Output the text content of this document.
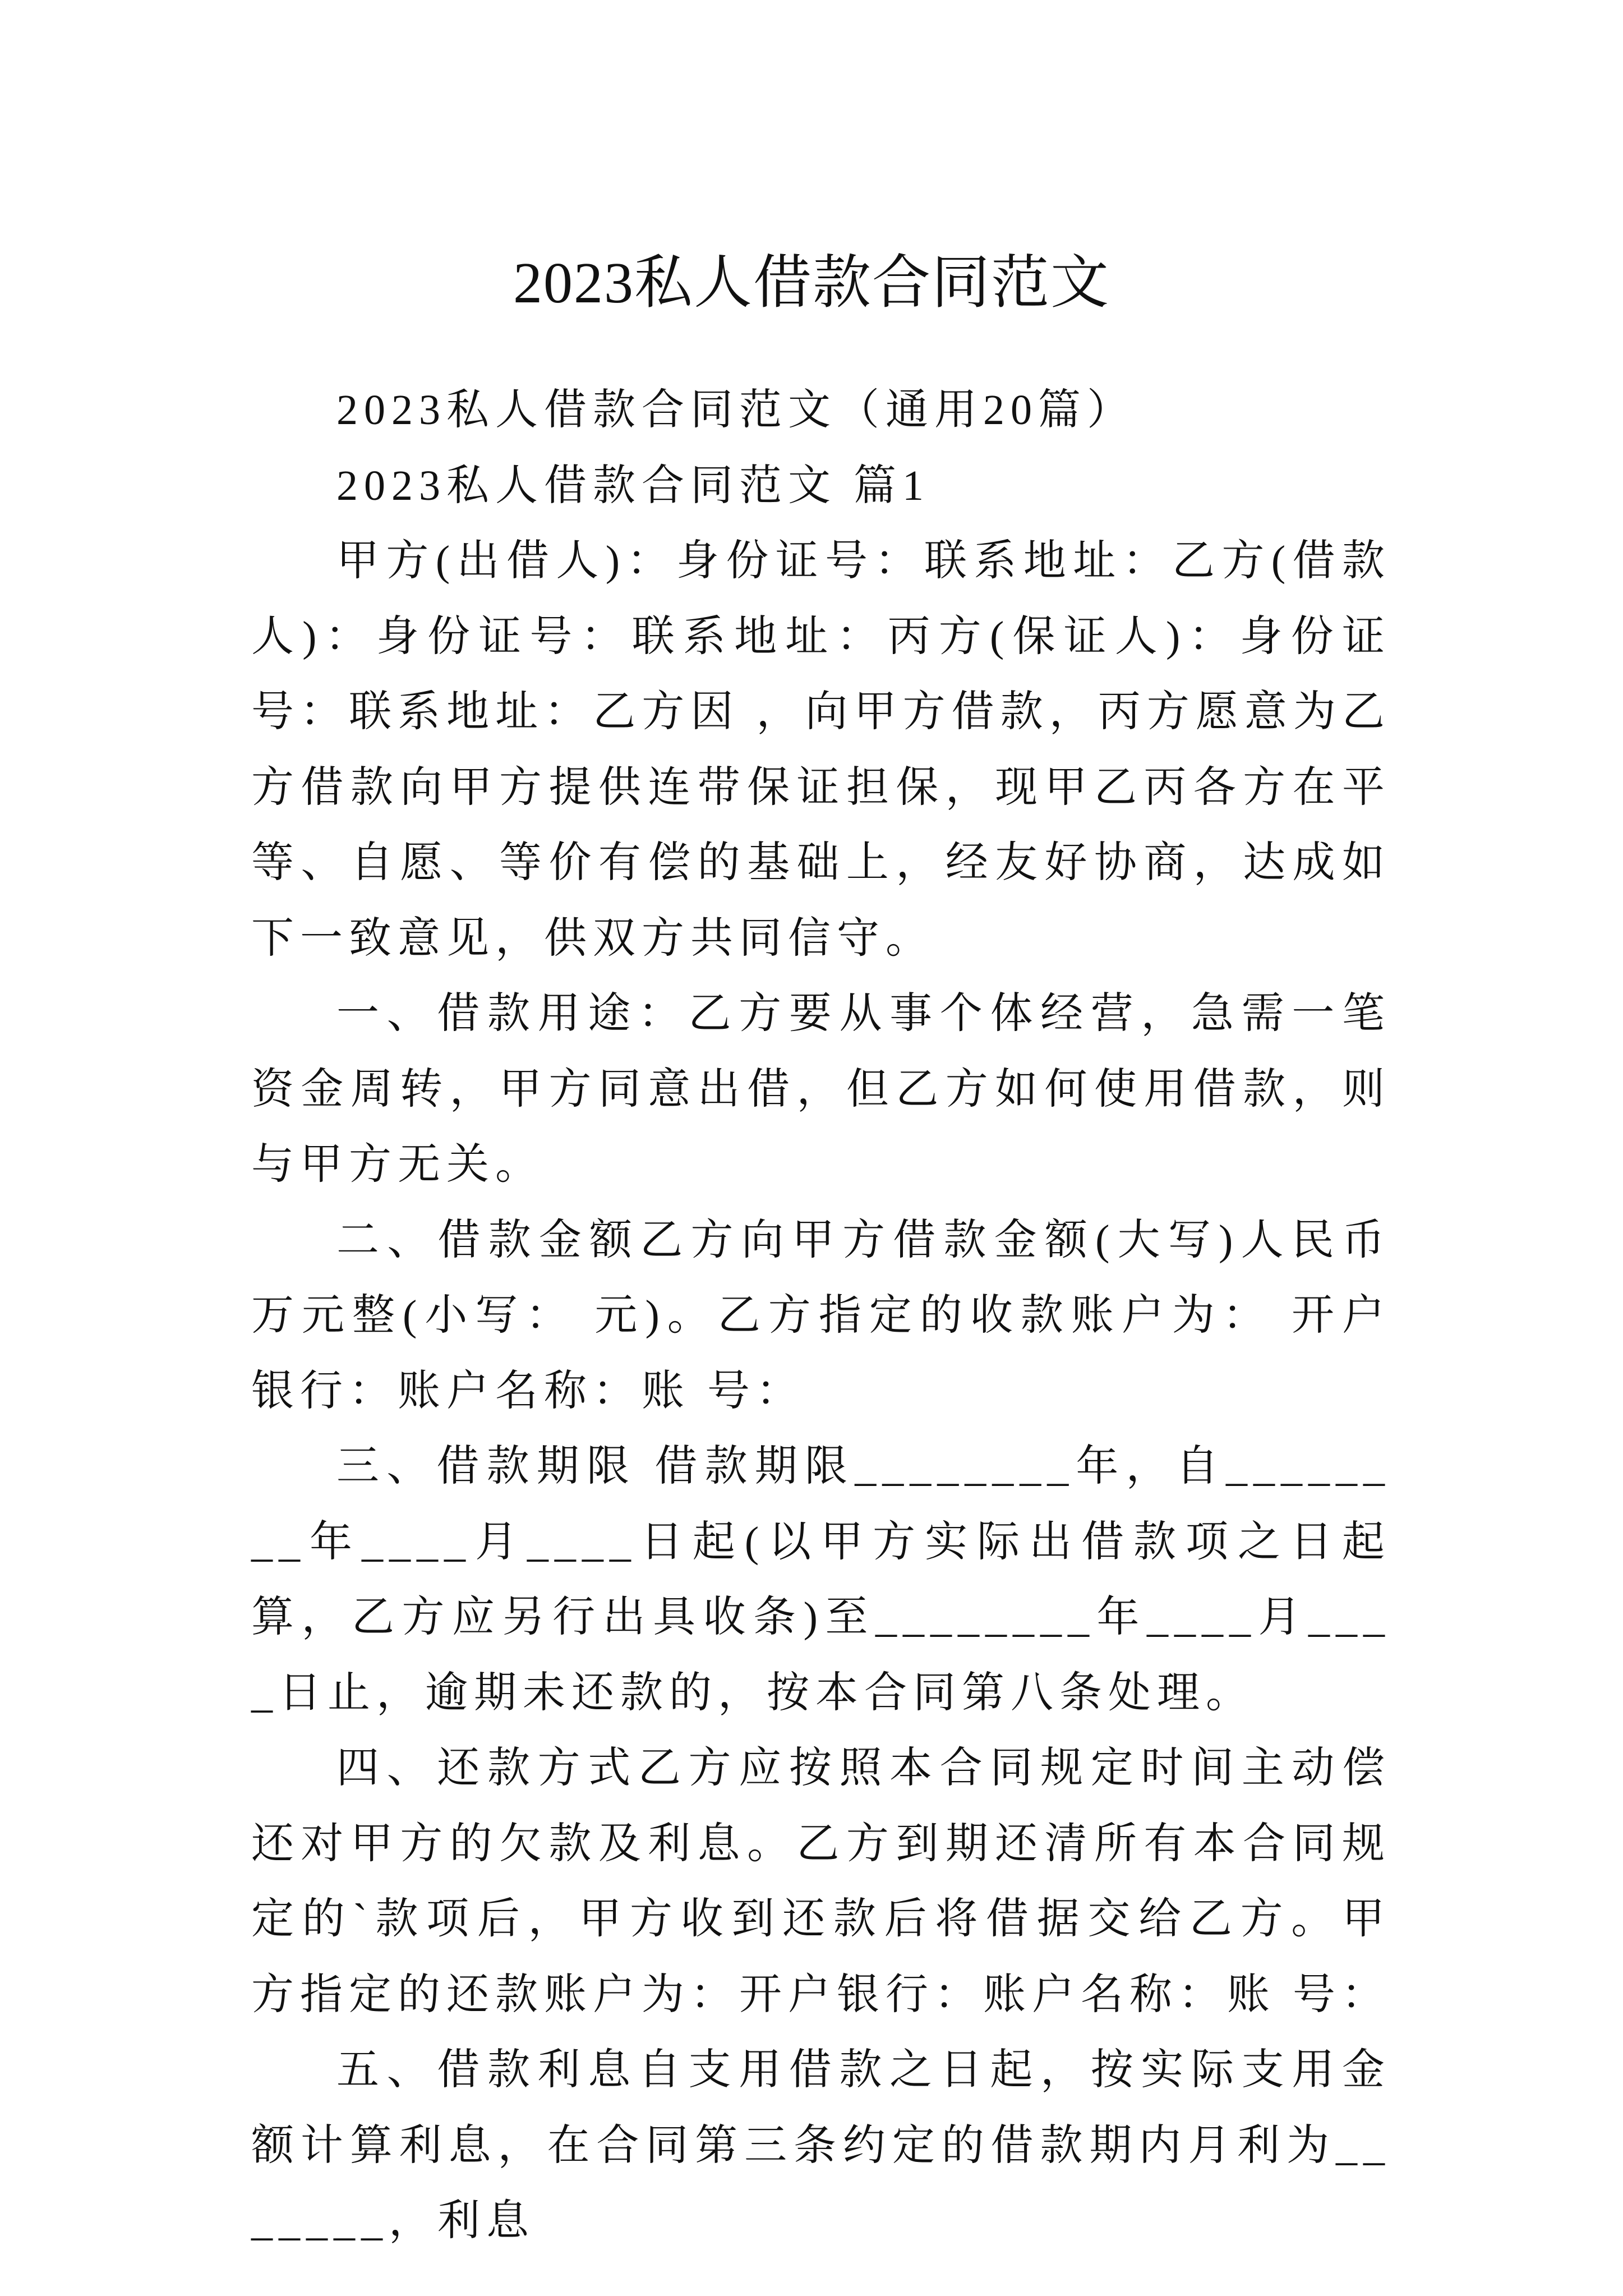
2023私人借款合同范文

2023私人借款合同范文（通用20篇）

2023私人借款合同范文 篇1

甲方(出借人)：身份证号：联系地址：乙方(借款人)：身份证号：联系地址：丙方(保证人)：身份证号：联系地址：乙方因 ，向甲方借款，丙方愿意为乙方借款向甲方提供连带保证担保，现甲乙丙各方在平等、自愿、等价有偿的基础上，经友好协商，达成如下一致意见，供双方共同信守。

一、借款用途：乙方要从事个体经营，急需一笔资金周转，甲方同意出借，但乙方如何使用借款，则与甲方无关。

二、借款金额乙方向甲方借款金额(大写)人民币 万元整(小写： 元)。乙方指定的收款账户为： 开户银行：账户名称：账 号：

三、借款期限 借款期限________年，自________年____月____日起(以甲方实际出借款项之日起算，乙方应另行出具收条)至________年____月____日止，逾期未还款的，按本合同第八条处理。

四、还款方式乙方应按照本合同规定时间主动偿还对甲方的欠款及利息。乙方到期还清所有本合同规定的`款项后，甲方收到还款后将借据交给乙方。甲方指定的还款账户为：开户银行：账户名称：账 号：

五、借款利息自支用借款之日起，按实际支用金额计算利息，在合同第三条约定的借款期内月利为_______，利息
